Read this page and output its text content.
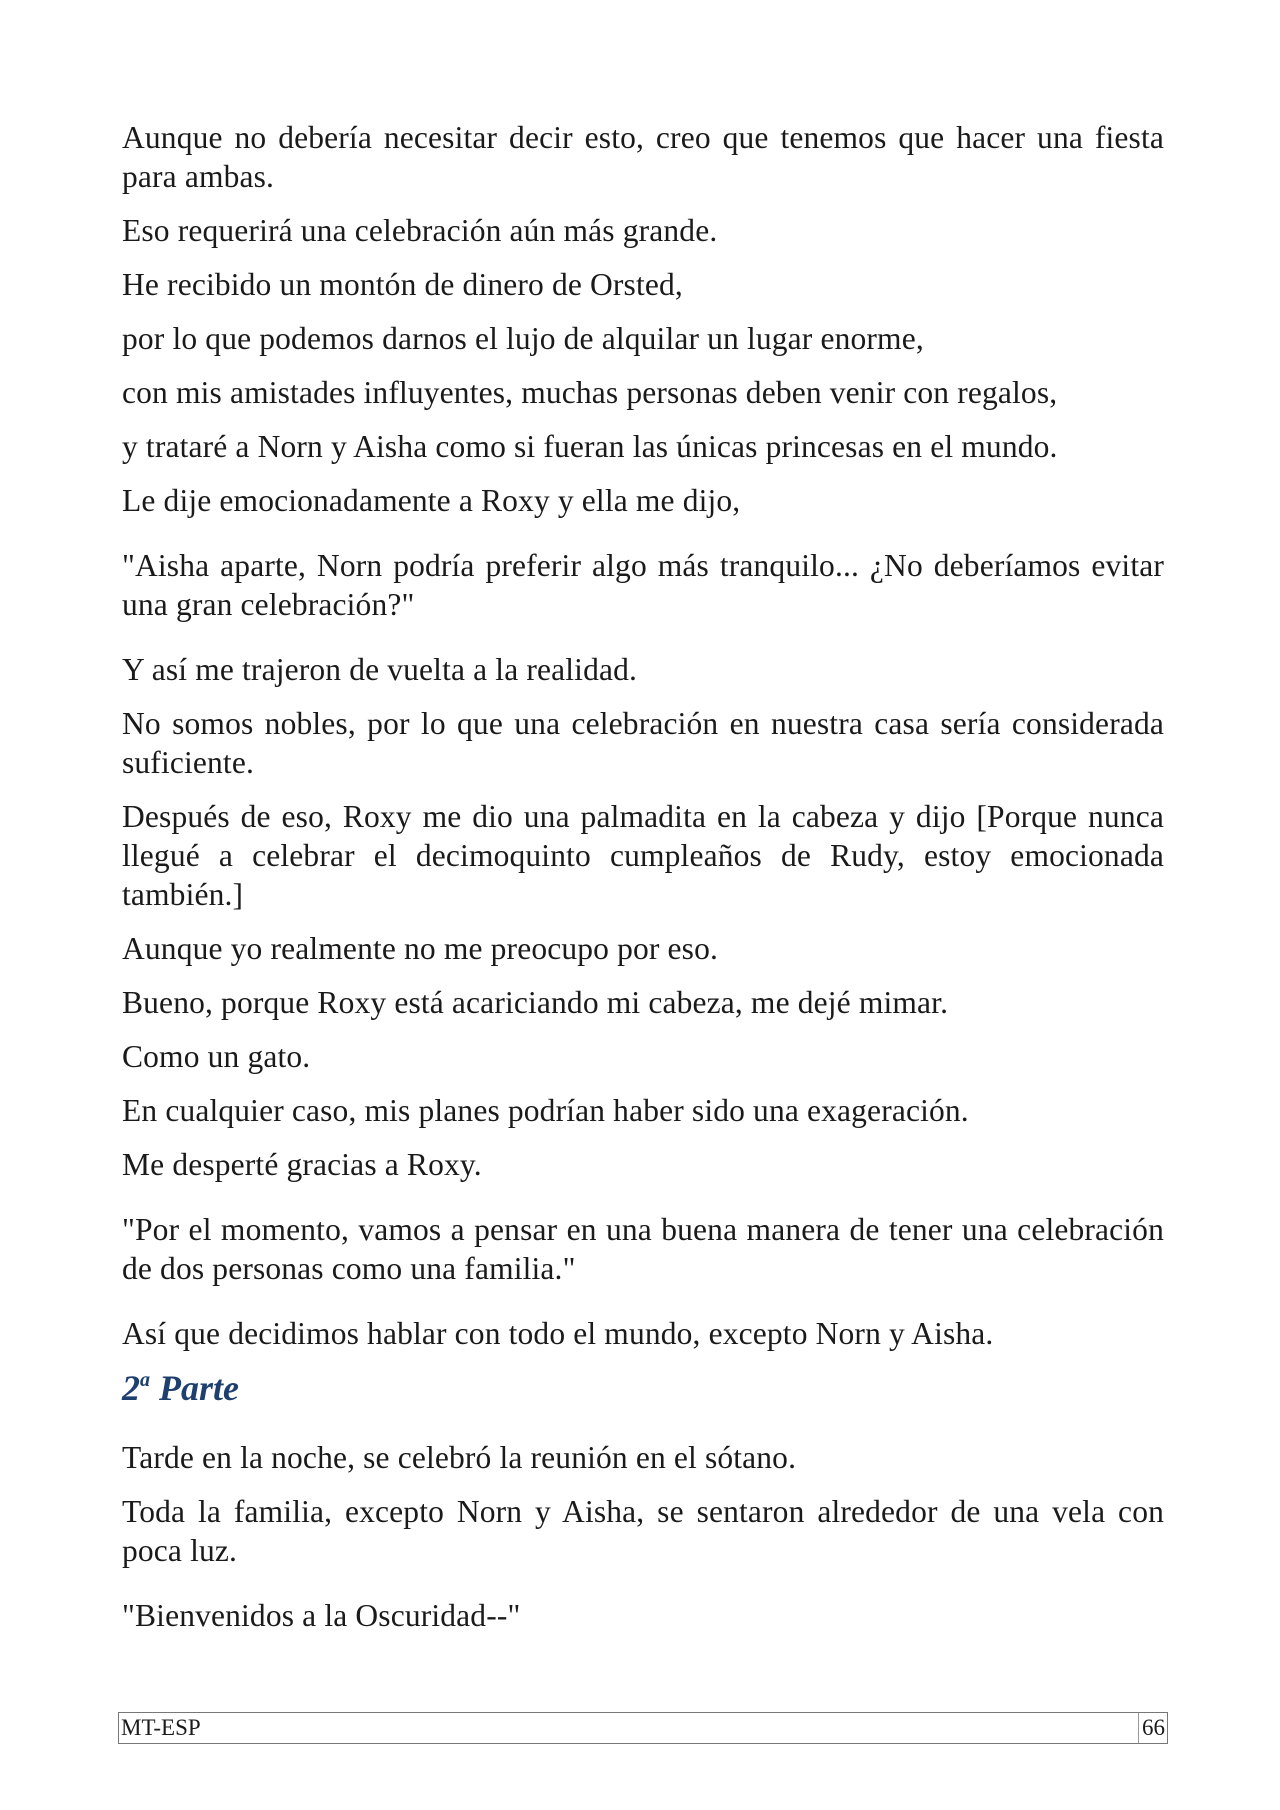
Aunque no debería necesitar decir esto, creo que tenemos que hacer una fiesta para ambas.

Eso requerirá una celebración aún más grande.

He recibido un montón de dinero de Orsted,

por lo que podemos darnos el lujo de alquilar un lugar enorme,

con mis amistades influyentes, muchas personas deben venir con regalos,

y trataré a Norn y Aisha como si fueran las únicas princesas en el mundo.

Le dije emocionadamente a Roxy y ella me dijo,

"Aisha aparte, Norn podría preferir algo más tranquilo... ¿No deberíamos evitar una gran celebración?"

Y así me trajeron de vuelta a la realidad.

No somos nobles, por lo que una celebración en nuestra casa sería considerada suficiente.

Después de eso, Roxy me dio una palmadita en la cabeza y dijo [Porque nunca llegué a celebrar el decimoquinto cumpleaños de Rudy, estoy emocionada también.]

Aunque yo realmente no me preocupo por eso.

Bueno, porque Roxy está acariciando mi cabeza, me dejé mimar.

Como un gato.

En cualquier caso, mis planes podrían haber sido una exageración.

Me desperté gracias a Roxy.

"Por el momento, vamos a pensar en una buena manera de tener una celebración de dos personas como una familia."

Así que decidimos hablar con todo el mundo, excepto Norn y Aisha.

2$^a$ Parte

Tarde en la noche, se celebró la reunión en el sótano.

Toda la familia, excepto Norn y Aisha, se sentaron alrededor de una vela con poca luz.

"Bienvenidos a la Oscuridad--"

MT-ESP	66
